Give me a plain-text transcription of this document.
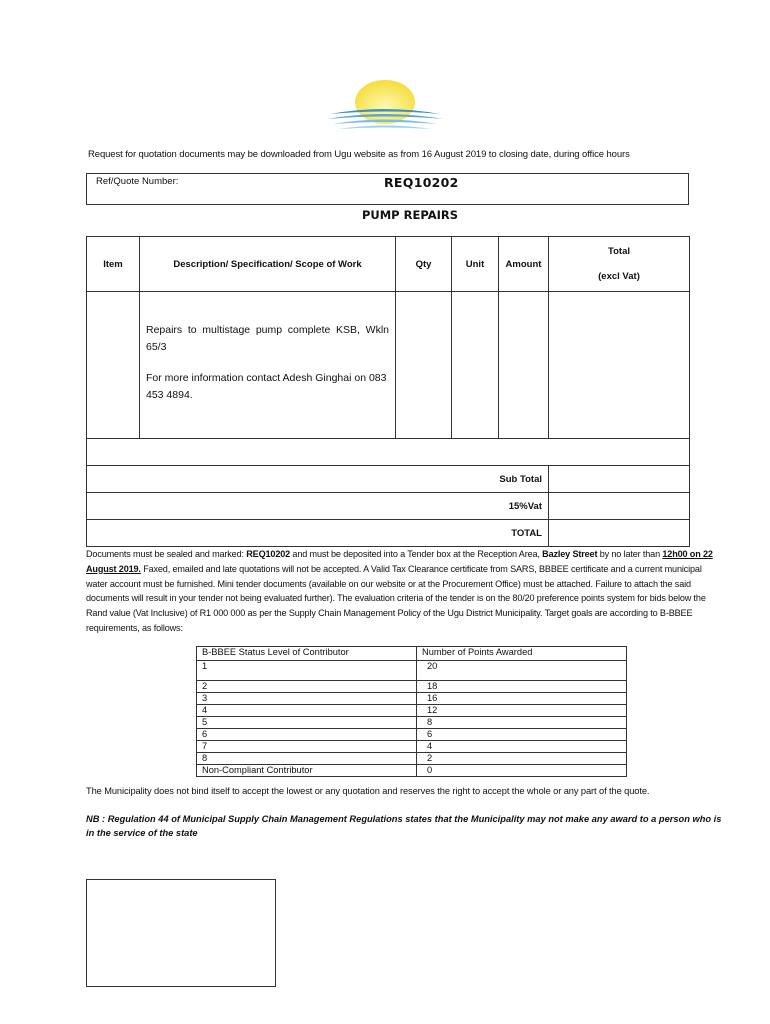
Request for quotation documents may be downloaded from Ugu website as from 16 August 2019 to closing date, during office hours
Ref/Quote Number:	REQ10202
PUMP REPAIRS
Item	Description/ Specification/ Scope of Work	Qty	Unit	Amount	Total
(excl Vat)

	Repairs to multistage pump complete KSB, Wkln 65/3

For more information contact Adesh Ginghai on 083 453 4894.				

Sub Total					
15%Vat					
TOTAL					
Documents must be sealed and marked: REQ10202 and must be deposited into a Tender box at the Reception Area, Bazley Street by no later than 12h00 on 22 August 2019. Faxed, emailed and late quotations will not be accepted. A Valid Tax Clearance certificate from SARS, BBBEE certificate and a current municipal water account must be furnished. Mini tender documents (available on our website or at the Procurement Office) must be attached. Failure to attach the said documents will result in your tender not being evaluated further). The evaluation criteria of the tender is on the 80/20 preference points system for bids below the Rand value (Vat Inclusive) of R1 000 000 as per the Supply Chain Management Policy of the Ugu District Municipality. Target goals are according to B-BBEE requirements, as follows:
B-BBEE Status Level of Contributor	Number of Points Awarded
1	20
2	18
3	16
4	12
5	8
6	6
7	4
8	2
Non-Compliant Contributor	0
The Municipality does not bind itself to accept the lowest or any quotation and reserves the right to accept the whole or any part of the quote.
NB : Regulation 44 of Municipal Supply Chain Management Regulations states that the Municipality may not make any award to a person who is in the service of the state
